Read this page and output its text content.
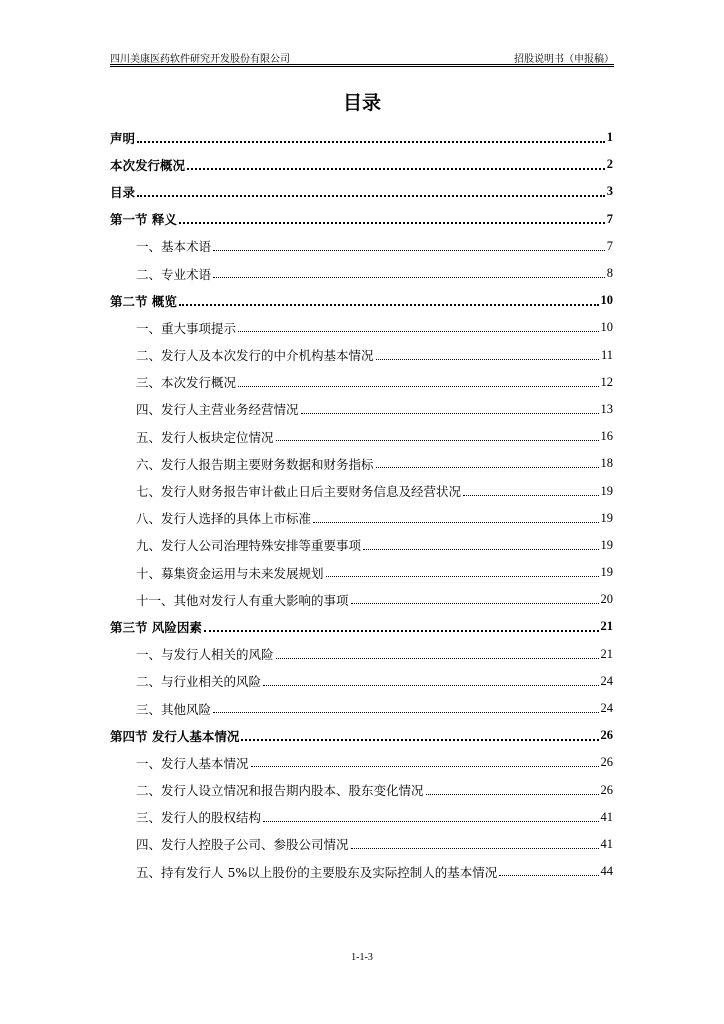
四川美康医药软件研究开发股份有限公司	招股说明书（申报稿）
目录
声明	1
本次发行概况	2
目录	3
第一节 释义	7
一、基本术语	7
二、专业术语	8
第二节 概览	10
一、重大事项提示	10
二、发行人及本次发行的中介机构基本情况	11
三、本次发行概况	12
四、发行人主营业务经营情况	13
五、发行人板块定位情况	16
六、发行人报告期主要财务数据和财务指标	18
七、发行人财务报告审计截止日后主要财务信息及经营状况	19
八、发行人选择的具体上市标准	19
九、发行人公司治理特殊安排等重要事项	19
十、募集资金运用与未来发展规划	19
十一、其他对发行人有重大影响的事项	20
第三节 风险因素	21
一、与发行人相关的风险	21
二、与行业相关的风险	24
三、其他风险	24
第四节 发行人基本情况	26
一、发行人基本情况	26
二、发行人设立情况和报告期内股本、股东变化情况	26
三、发行人的股权结构	41
四、发行人控股子公司、参股公司情况	41
五、持有发行人 5%以上股份的主要股东及实际控制人的基本情况	44
1-1-3
